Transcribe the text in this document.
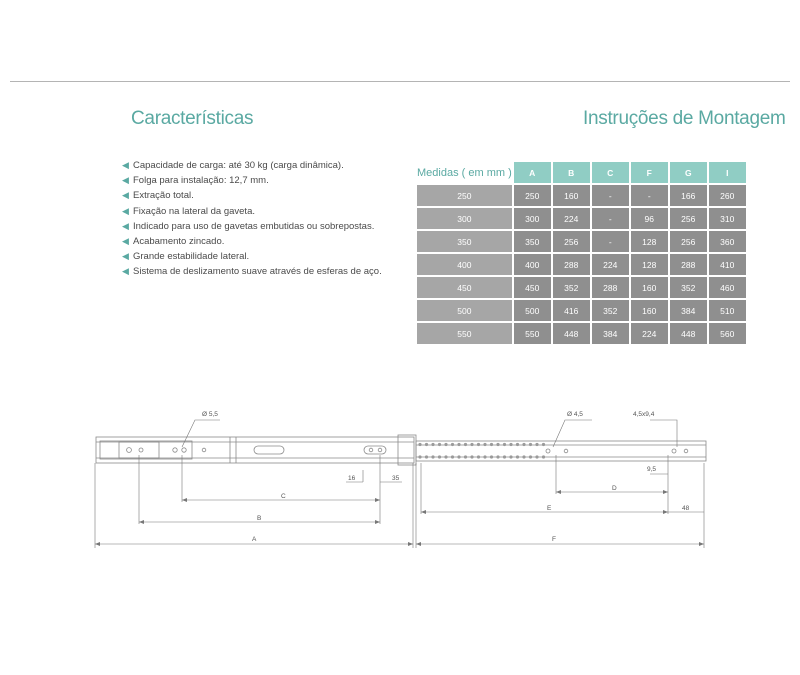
Características	Instruções de Montagem
◀ Capacidade de carga: até 30 kg (carga dinâmica).
◀ Folga para instalação: 12,7 mm.
◀ Extração total.
◀ Fixação na lateral da gaveta.
◀ Indicado para uso de gavetas embutidas ou sobrepostas.
◀ Acabamento zincado.
◀ Grande estabilidade lateral.
◀ Sistema de deslizamento suave através de esferas de aço.
Medidas ( em mm )	A	B	C	F	G	I
250	250	160	-	-	166	260
300	300	224	-	96	256	310
350	350	256	-	128	256	360
400	400	288	224	128	288	410
450	450	352	288	160	352	460
500	500	416	352	160	384	510
550	550	448	384	224	448	560
Ø 5,5	Ø 4,5	4,5x9,4
16	35
C
B
A
D
9,5
E	48
F
